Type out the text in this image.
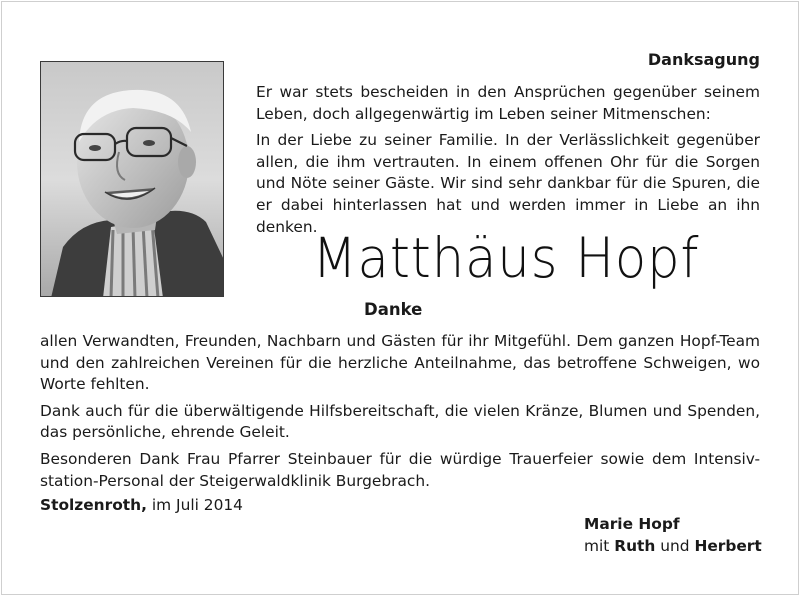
Danksagung

Er war stets bescheiden in den Ansprüchen gegenüber seinem Leben, doch allgegenwärtig im Leben seiner Mitmenschen:

In der Liebe zu seiner Familie. In der Verlässlichkeit gegenüber allen, die ihm vertrauten. In einem offenen Ohr für die Sorgen und Nöte seiner Gäste. Wir sind sehr dankbar für die Spuren, die er dabei hinterlassen hat und werden immer in Liebe an ihn denken.

Matthäus Hopf
Danke

allen Verwandten, Freunden, Nachbarn und Gästen für ihr Mitgefühl. Dem ganzen Hopf-Team und den zahlreichen Vereinen für die herzliche Anteilnahme, das betroffene Schweigen, wo Worte fehlten.

Dank auch für die überwältigende Hilfsbereitschaft, die vielen Kränze, Blumen und Spenden, das persönliche, ehrende Geleit.

Besonderen Dank Frau Pfarrer Steinbauer für die würdige Trauerfeier sowie dem Intensiv-station-Personal der Steigerwaldklinik Burgebrach.

Stolzenroth, im Juli 2014
Marie Hopf
mit Ruth und Herbert
